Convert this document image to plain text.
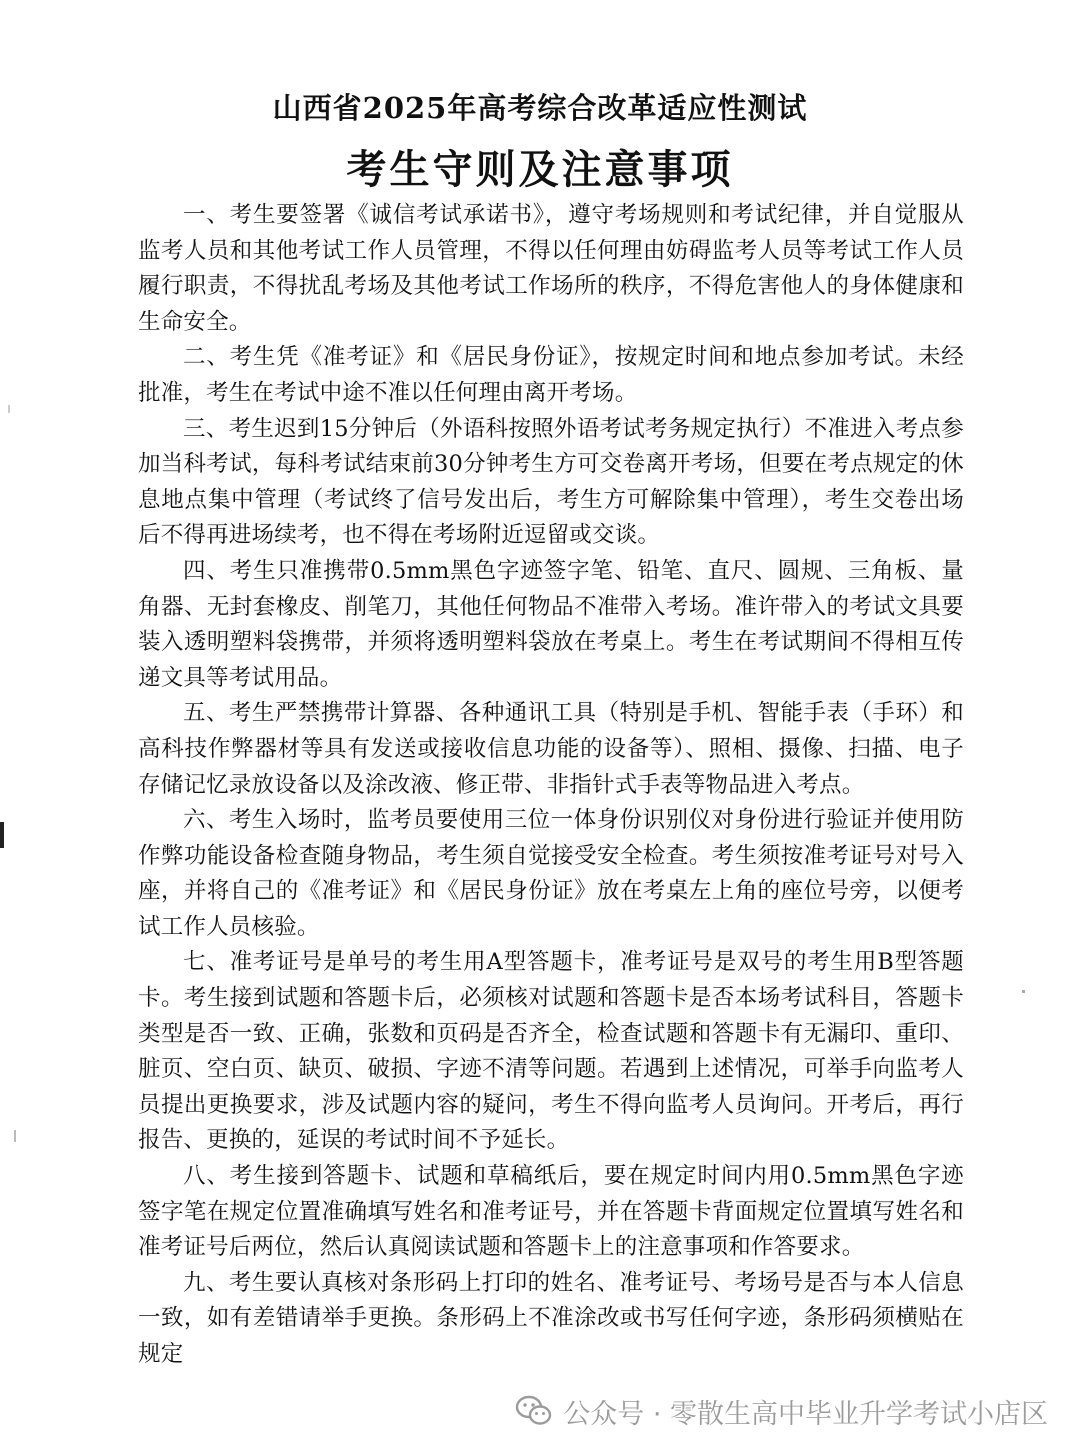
山西省2025年高考综合改革适应性测试
考生守则及注意事项

一、考生要签署《诚信考试承诺书》，遵守考场规则和考试纪律，并自觉服从监考人员和其他考试工作人员管理，不得以任何理由妨碍监考人员等考试工作人员履行职责，不得扰乱考场及其他考试工作场所的秩序，不得危害他人的身体健康和生命安全。

二、考生凭《准考证》和《居民身份证》，按规定时间和地点参加考试。未经批准，考生在考试中途不准以任何理由离开考场。

三、考生迟到15分钟后（外语科按照外语考试考务规定执行）不准进入考点参加当科考试，每科考试结束前30分钟考生方可交卷离开考场，但要在考点规定的休息地点集中管理（考试终了信号发出后，考生方可解除集中管理），考生交卷出场后不得再进场续考，也不得在考场附近逗留或交谈。

四、考生只准携带0.5mm黑色字迹签字笔、铅笔、直尺、圆规、三角板、量角器、无封套橡皮、削笔刀，其他任何物品不准带入考场。准许带入的考试文具要装入透明塑料袋携带，并须将透明塑料袋放在考桌上。考生在考试期间不得相互传递文具等考试用品。

五、考生严禁携带计算器、各种通讯工具（特别是手机、智能手表（手环）和高科技作弊器材等具有发送或接收信息功能的设备等）、照相、摄像、扫描、电子存储记忆录放设备以及涂改液、修正带、非指针式手表等物品进入考点。

六、考生入场时，监考员要使用三位一体身份识别仪对身份进行验证并使用防作弊功能设备检查随身物品，考生须自觉接受安全检查。考生须按准考证号对号入座，并将自己的《准考证》和《居民身份证》放在考桌左上角的座位号旁，以便考试工作人员核验。

七、准考证号是单号的考生用A型答题卡，准考证号是双号的考生用B型答题卡。考生接到试题和答题卡后，必须核对试题和答题卡是否本场考试科目，答题卡类型是否一致、正确，张数和页码是否齐全，检查试题和答题卡有无漏印、重印、脏页、空白页、缺页、破损、字迹不清等问题。若遇到上述情况，可举手向监考人员提出更换要求，涉及试题内容的疑问，考生不得向监考人员询问。开考后，再行报告、更换的，延误的考试时间不予延长。

八、考生接到答题卡、试题和草稿纸后，要在规定时间内用0.5mm黑色字迹签字笔在规定位置准确填写姓名和准考证号，并在答题卡背面规定位置填写姓名和准考证号后两位，然后认真阅读试题和答题卡上的注意事项和作答要求。

九、考生要认真核对条形码上打印的姓名、准考证号、考场号是否与本人信息一致，如有差错请举手更换。条形码上不准涂改或书写任何字迹，条形码须横贴在规定

公众号 · 零散生高中毕业升学考试小店区
